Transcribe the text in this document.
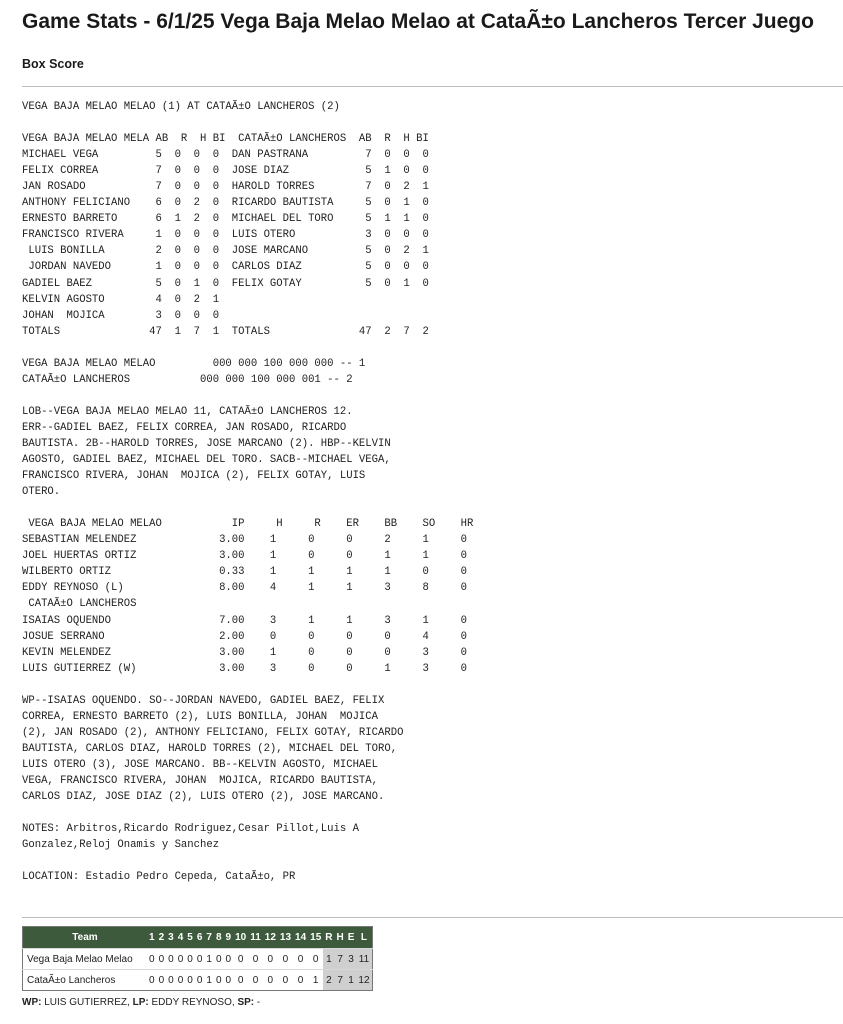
Game Stats - 6/1/25 Vega Baja Melao Melao at CataÃ±o Lancheros Tercer Juego
Box Score
VEGA BAJA MELAO MELAO (1) AT CATAÃ±O LANCHEROS (2)

VEGA BAJA MELAO MELA AB  R  H BI  CATAÃ±O LANCHEROS  AB  R  H BI
MICHAEL VEGA         5  0  0  0  DAN PASTRANA         7  0  0  0
FELIX CORREA         7  0  0  0  JOSE DIAZ            5  1  0  0
JAN ROSADO           7  0  0  0  HAROLD TORRES        7  0  2  1
ANTHONY FELICIANO    6  0  2  0  RICARDO BAUTISTA     5  0  1  0
ERNESTO BARRETO      6  1  2  0  MICHAEL DEL TORO     5  1  1  0
FRANCISCO RIVERA     1  0  0  0  LUIS OTERO           3  0  0  0
LUIS BONILLA        2  0  0  0  JOSE MARCANO         5  0  2  1
JORDAN NAVEDO       1  0  0  0  CARLOS DIAZ          5  0  0  0
GADIEL BAEZ          5  0  1  0  FELIX GOTAY          5  0  1  0
KELVIN AGOSTO        4  0  2  1
JOHAN  MOJICA        3  0  0  0
TOTALS              47  1  7  1  TOTALS              47  2  7  2

VEGA BAJA MELAO MELAO         000 000 100 000 000 -- 1
CATAÃ±O LANCHEROS           000 000 100 000 001 -- 2

LOB--VEGA BAJA MELAO MELAO 11, CATAÃ±O LANCHEROS 12.
ERR--GADIEL BAEZ, FELIX CORREA, JAN ROSADO, RICARDO
BAUTISTA. 2B--HAROLD TORRES, JOSE MARCANO (2). HBP--KELVIN
AGOSTO, GADIEL BAEZ, MICHAEL DEL TORO. SACB--MICHAEL VEGA,
FRANCISCO RIVERA, JOHAN  MOJICA (2), FELIX GOTAY, LUIS
OTERO.

VEGA BAJA MELAO MELAO           IP     H     R    ER    BB    SO    HR
SEBASTIAN MELENDEZ             3.00    1     0     0     2     1     0
JOEL HUERTAS ORTIZ             3.00    1     0     0     1     1     0
WILBERTO ORTIZ                 0.33    1     1     1     1     0     0
EDDY REYNOSO (L)               8.00    4     1     1     3     8     0
CATAÃ±O LANCHEROS
ISAIAS OQUENDO                 7.00    3     1     1     3     1     0
JOSUE SERRANO                  2.00    0     0     0     0     4     0
KEVIN MELENDEZ                 3.00    1     0     0     0     3     0
LUIS GUTIERREZ (W)             3.00    3     0     0     1     3     0

WP--ISAIAS OQUENDO. SO--JORDAN NAVEDO, GADIEL BAEZ, FELIX
CORREA, ERNESTO BARRETO (2), LUIS BONILLA, JOHAN  MOJICA
(2), JAN ROSADO (2), ANTHONY FELICIANO, FELIX GOTAY, RICARDO
BAUTISTA, CARLOS DIAZ, HAROLD TORRES (2), MICHAEL DEL TORO,
LUIS OTERO (3), JOSE MARCANO. BB--KELVIN AGOSTO, MICHAEL
VEGA, FRANCISCO RIVERA, JOHAN  MOJICA, RICARDO BAUTISTA,
CARLOS DIAZ, JOSE DIAZ (2), LUIS OTERO (2), JOSE MARCANO.

NOTES: Arbitros,Ricardo Rodriguez,Cesar Pillot,Luis A
Gonzalez,Reloj Onamis y Sanchez

LOCATION: Estadio Pedro Cepeda, CataÃ±o, PR
Team	1	2	3	4	5	6	7	8	9	10	11	12	13	14	15	R	H	E	L
Vega Baja Melao Melao	0	0	0	0	0	0	1	0	0	0	0	0	0	0	0	1	7	3	11
CataÃ±o Lancheros	0	0	0	0	0	0	1	0	0	0	0	0	0	0	1	2	7	1	12

WP: LUIS GUTIERREZ, LP: EDDY REYNOSO, SP: -
